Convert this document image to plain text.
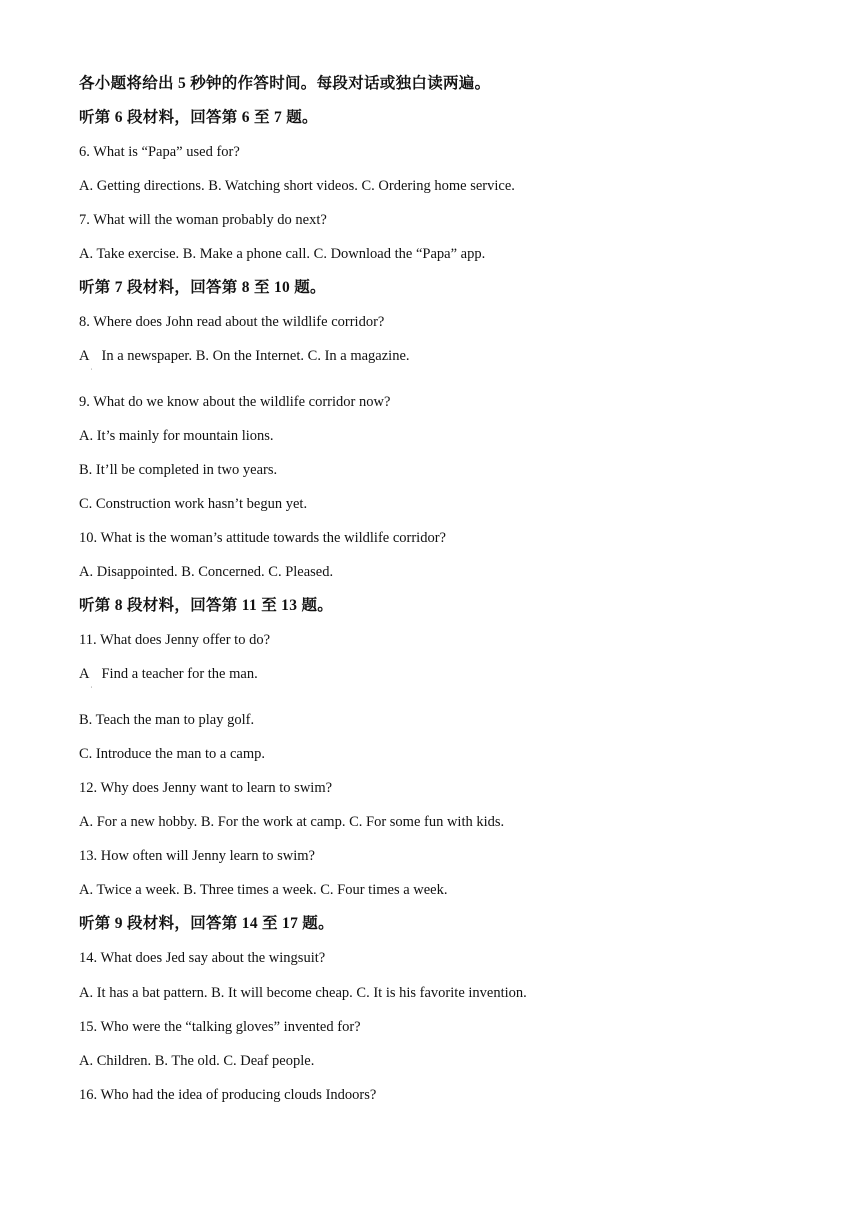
各小题将给出 5 秒钟的作答时间。每段对话或独白读两遍。
听第 6 段材料，回答第 6 至 7 题。
6. What is “Papa” used for?
A. Getting directions. B. Watching short videos. C. Ordering home service.
7. What will the woman probably do next?
A. Take exercise. B. Make a phone call. C. Download the “Papa” app.
听第 7 段材料，回答第 8 至 10 题。
8. Where does John read about the wildlife corridor?
˙
A In a newspaper. B. On the Internet. C. In a magazine.
9. What do we know about the wildlife corridor now?
A. It’s mainly for mountain lions.
B. It’ll be completed in two years.
C. Construction work hasn’t begun yet.
10. What is the woman’s attitude towards the wildlife corridor?
A. Disappointed. B. Concerned. C. Pleased.
听第 8 段材料，回答第 11 至 13 题。
11. What does Jenny offer to do?
˙
A Find a teacher for the man.
B. Teach the man to play golf.
C. Introduce the man to a camp.
12. Why does Jenny want to learn to swim?
A. For a new hobby. B. For the work at camp. C. For some fun with kids.
13. How often will Jenny learn to swim?
A. Twice a week. B. Three times a week. C. Four times a week.
听第 9 段材料，回答第 14 至 17 题。
14. What does Jed say about the wingsuit?
A. It has a bat pattern. B. It will become cheap. C. It is his favorite invention.
15. Who were the “talking gloves” invented for?
A. Children. B. The old. C. Deaf people.
16. Who had the idea of producing clouds Indoors?
